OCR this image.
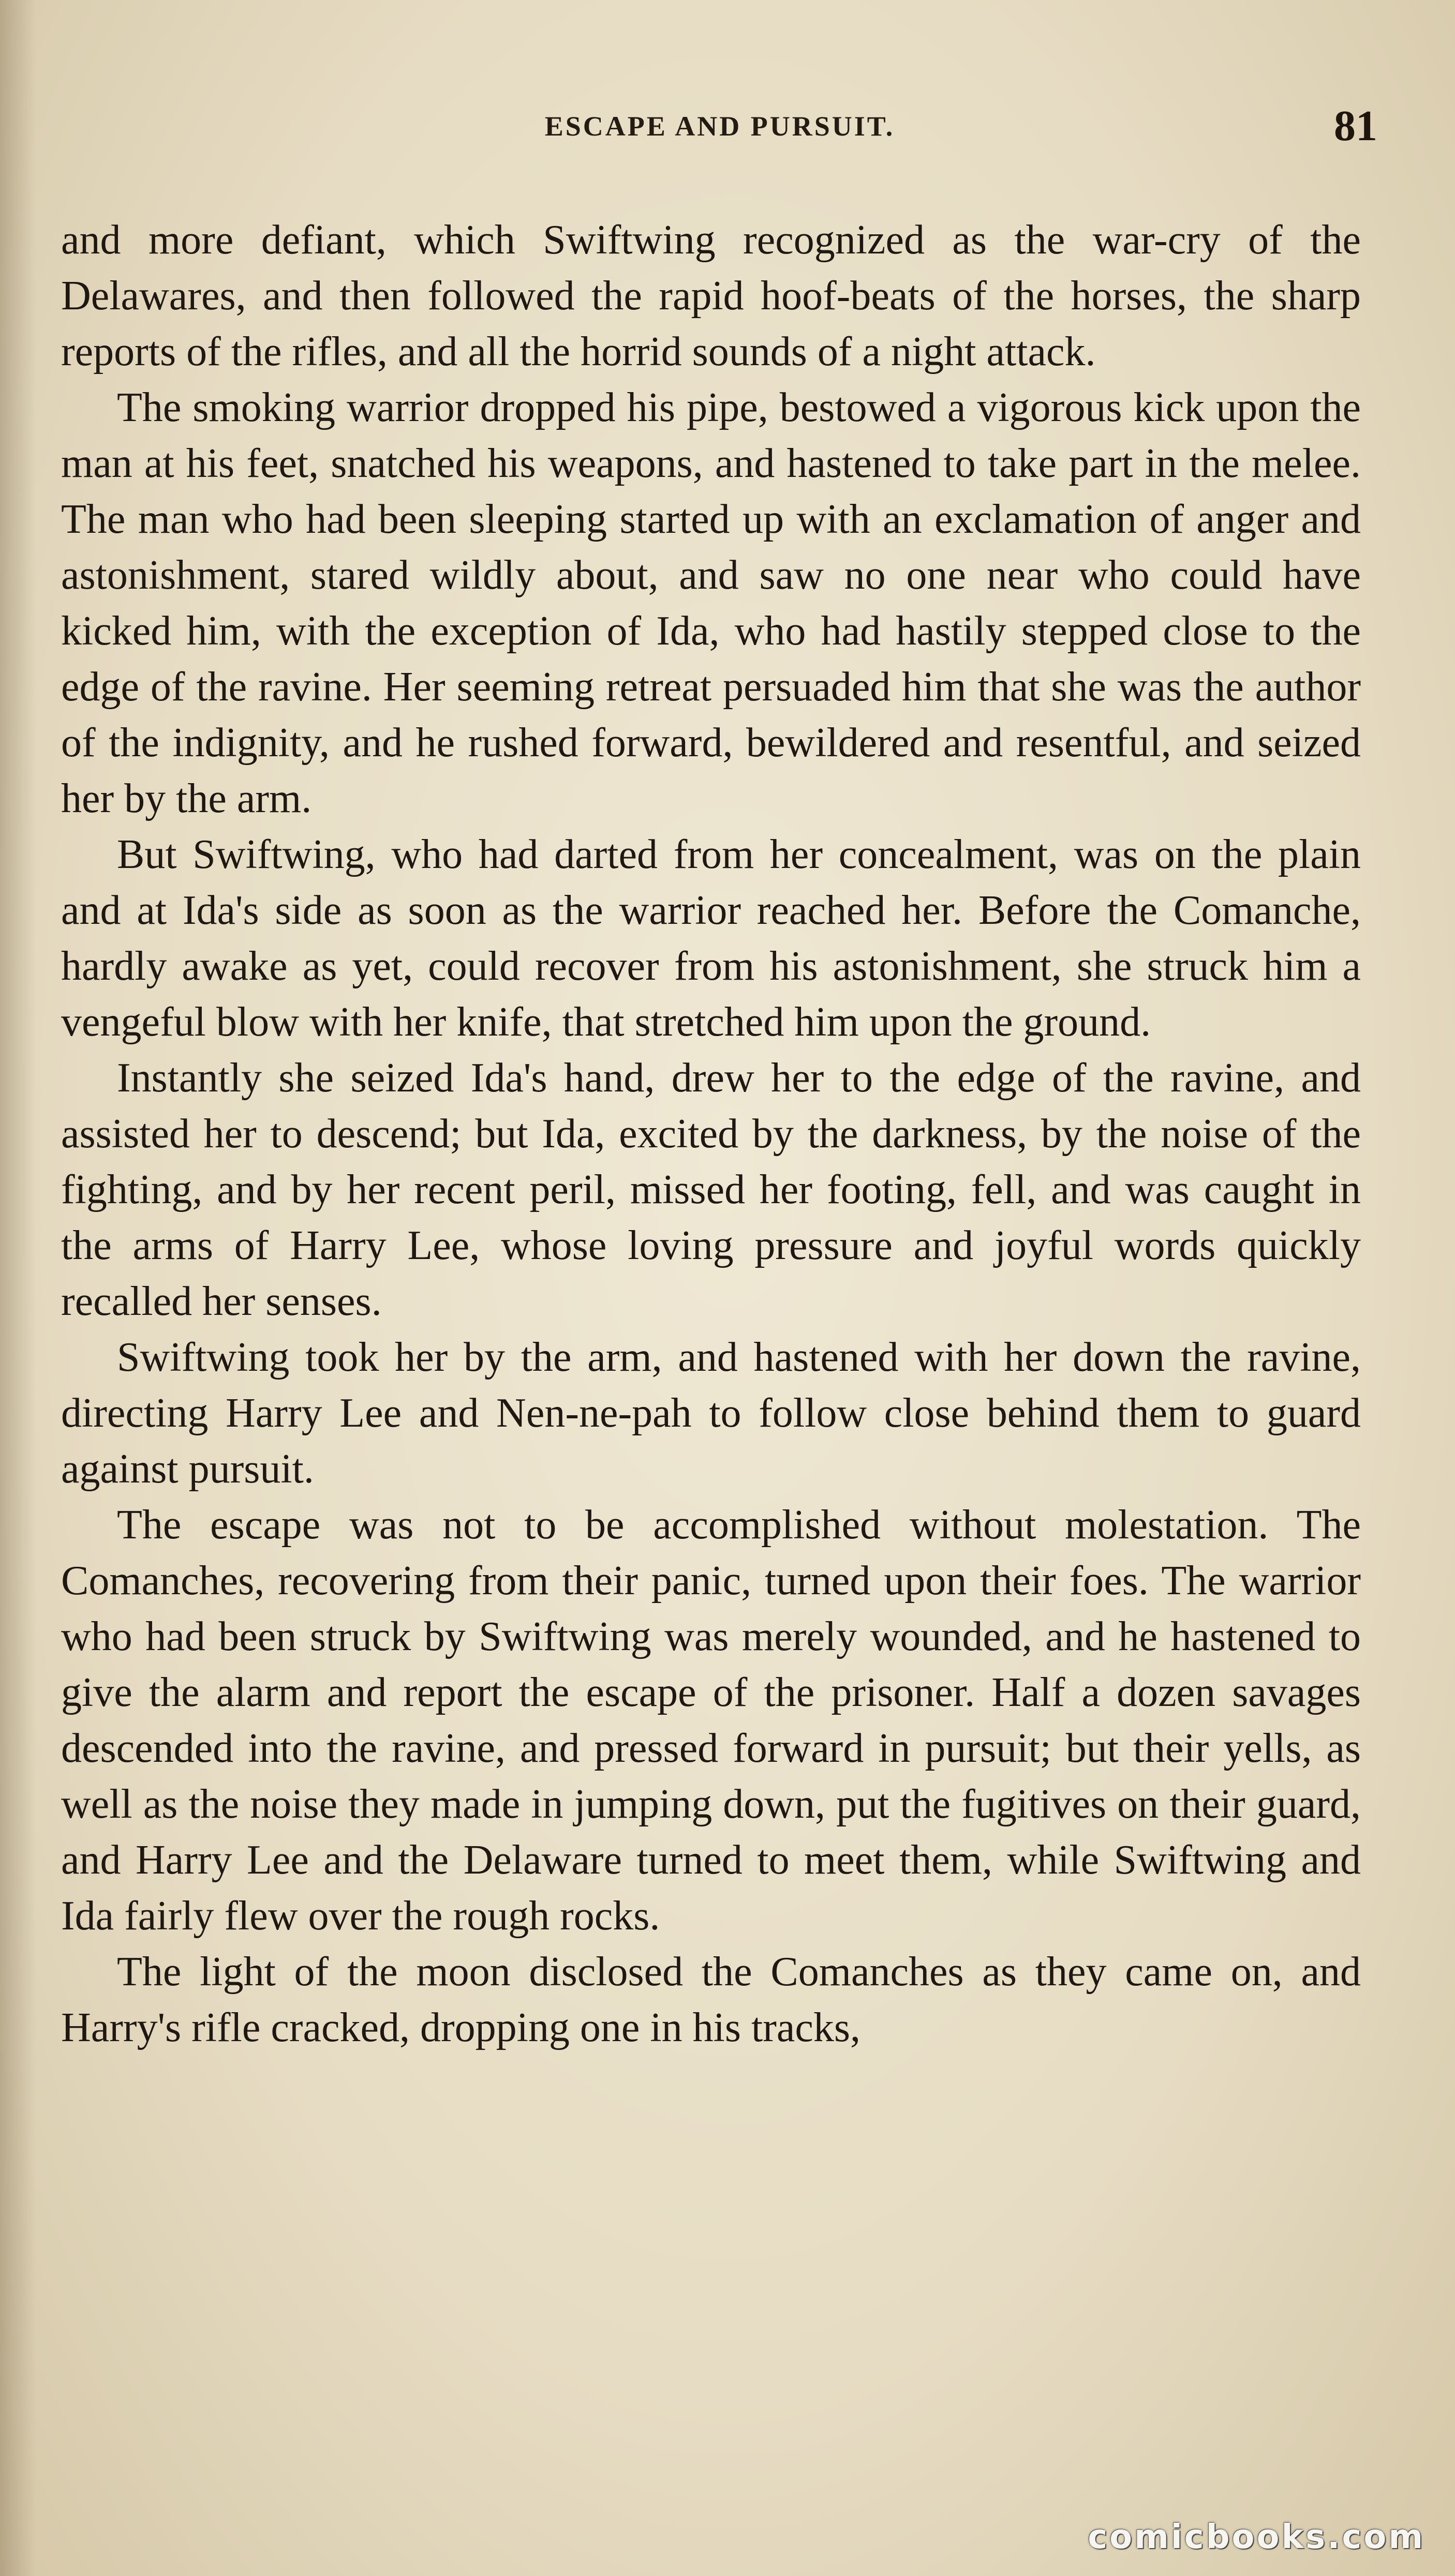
ESCAPE AND PURSUIT.	81

and more defiant, which Swiftwing recognized as the war-cry of the Delawares, and then followed the rapid hoof-beats of the horses, the sharp reports of the rifles, and all the horrid sounds of a night attack.

The smoking warrior dropped his pipe, bestowed a vigorous kick upon the man at his feet, snatched his weapons, and hastened to take part in the melee. The man who had been sleeping started up with an exclamation of anger and astonishment, stared wildly about, and saw no one near who could have kicked him, with the exception of Ida, who had hastily stepped close to the edge of the ravine. Her seeming retreat persuaded him that she was the author of the indignity, and he rushed forward, bewildered and resentful, and seized her by the arm.

But Swiftwing, who had darted from her concealment, was on the plain and at Ida's side as soon as the warrior reached her. Before the Comanche, hardly awake as yet, could recover from his astonishment, she struck him a vengeful blow with her knife, that stretched him upon the ground.

Instantly she seized Ida's hand, drew her to the edge of the ravine, and assisted her to descend; but Ida, excited by the darkness, by the noise of the fighting, and by her recent peril, missed her footing, fell, and was caught in the arms of Harry Lee, whose loving pressure and joyful words quickly recalled her senses.

Swiftwing took her by the arm, and hastened with her down the ravine, directing Harry Lee and Nen-ne-pah to follow close behind them to guard against pursuit.

The escape was not to be accomplished without molestation. The Comanches, recovering from their panic, turned upon their foes. The warrior who had been struck by Swiftwing was merely wounded, and he hastened to give the alarm and report the escape of the prisoner. Half a dozen savages descended into the ravine, and pressed forward in pursuit; but their yells, as well as the noise they made in jumping down, put the fugitives on their guard, and Harry Lee and the Delaware turned to meet them, while Swiftwing and Ida fairly flew over the rough rocks.

The light of the moon disclosed the Comanches as they came on, and Harry's rifle cracked, dropping one in his tracks,

comicbooks.com
